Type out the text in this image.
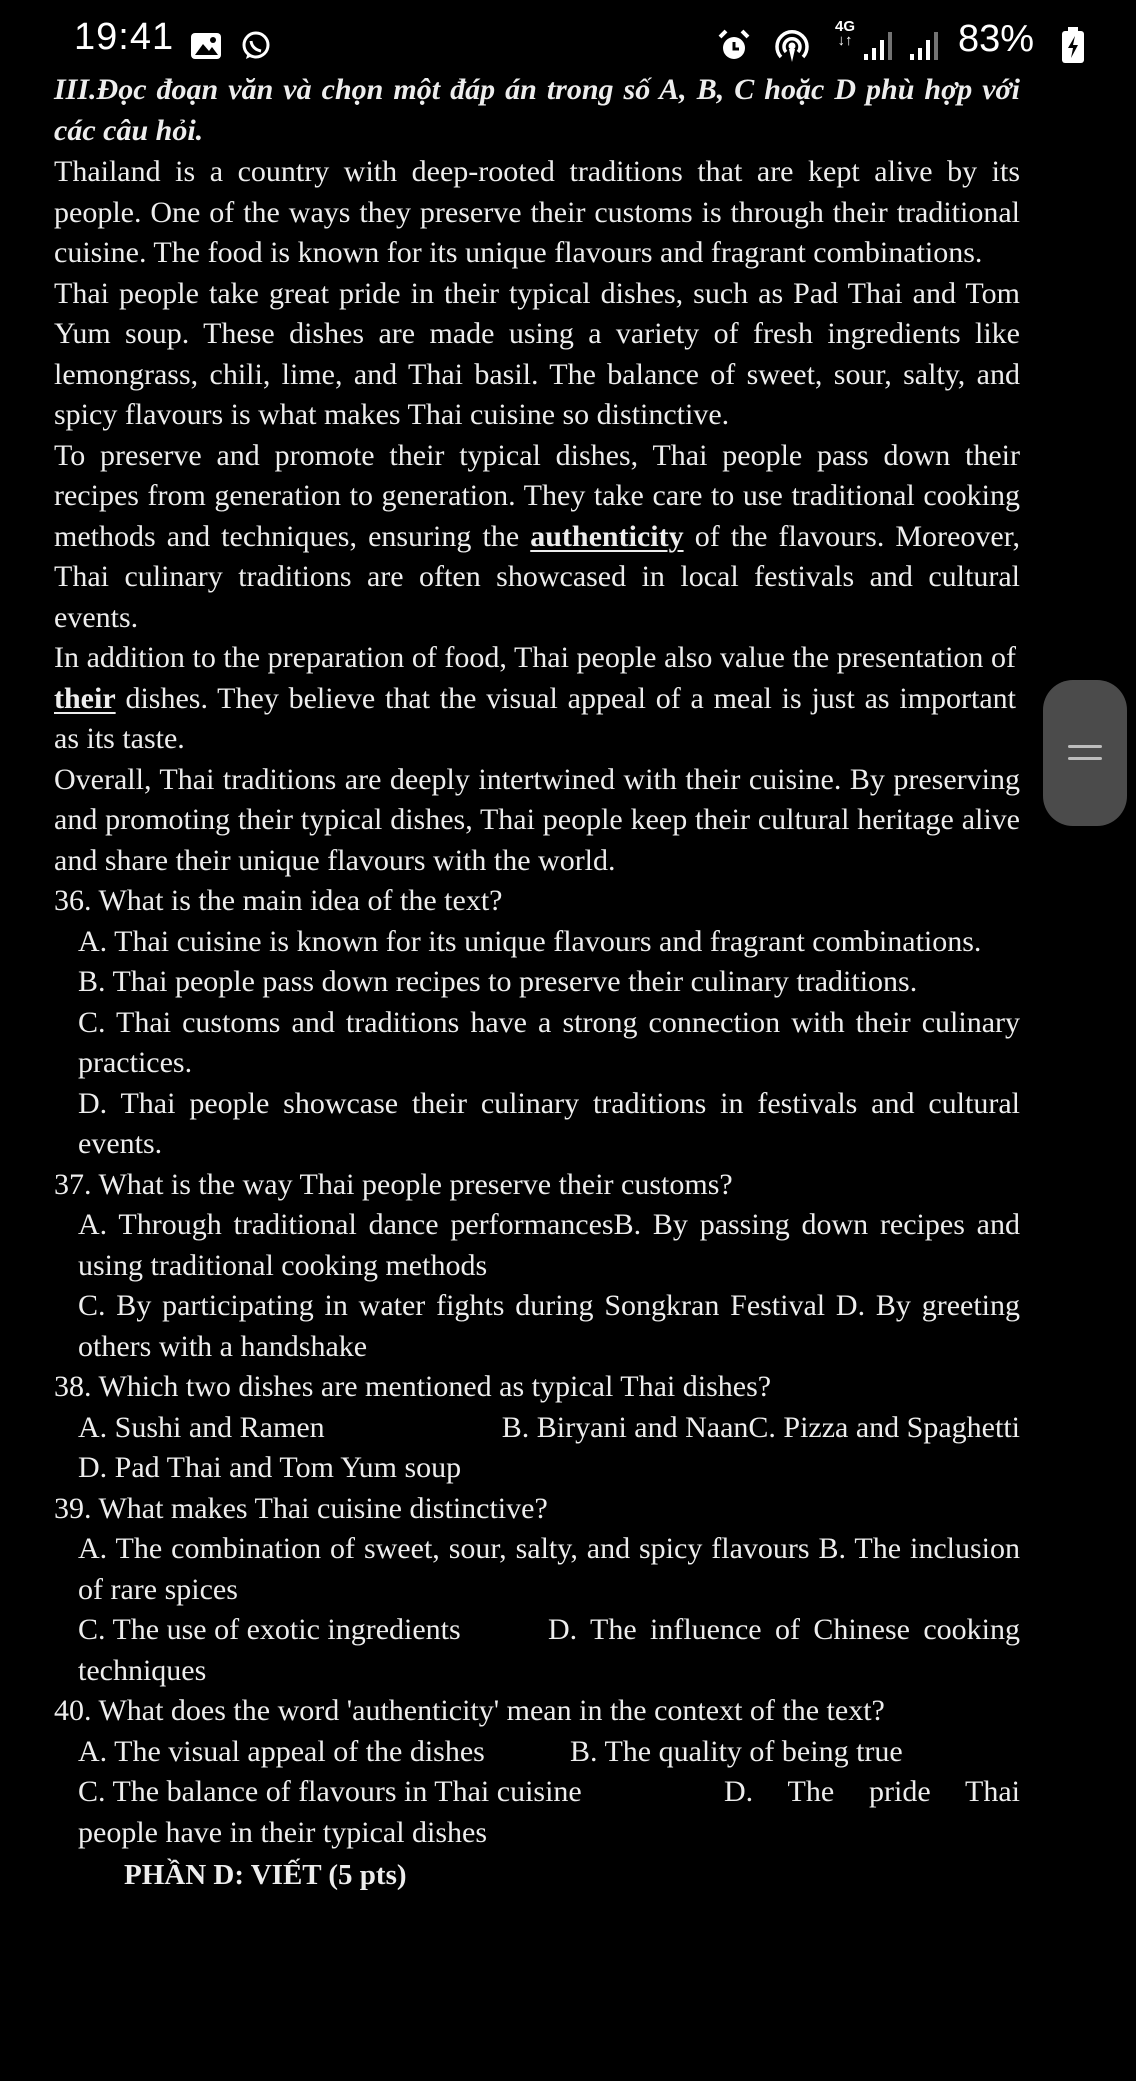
19:41	4G
↓↑	83%

III.Đọc đoạn văn và chọn một đáp án trong số A, B, C hoặc D phù hợp với các câu hỏi.

Thailand is a country with deep-rooted traditions that are kept alive by its people. One of the ways they preserve their customs is through their traditional cuisine. The food is known for its unique flavours and fragrant combinations.

Thai people take great pride in their typical dishes, such as Pad Thai and Tom Yum soup. These dishes are made using a variety of fresh ingredients like lemongrass, chili, lime, and Thai basil. The balance of sweet, sour, salty, and spicy flavours is what makes Thai cuisine so distinctive.

To preserve and promote their typical dishes, Thai people pass down their recipes from generation to generation. They take care to use traditional cooking methods and techniques, ensuring the authenticity of the flavours. Moreover, Thai culinary traditions are often showcased in local festivals and cultural events.

In addition to the preparation of food, Thai people also value the presentation of their dishes. They believe that the visual appeal of a meal is just as important as its taste.

Overall, Thai traditions are deeply intertwined with their cuisine. By preserving and promoting their typical dishes, Thai people keep their cultural heritage alive and share their unique flavours with the world.

36. What is the main idea of the text?

A. Thai cuisine is known for its unique flavours and fragrant combinations.

B. Thai people pass down recipes to preserve their culinary traditions.

C. Thai customs and traditions have a strong connection with their culinary practices.

D. Thai people showcase their culinary traditions in festivals and cultural events.

37. What is the way Thai people preserve their customs?

A. Through traditional dance performancesB. By passing down recipes and using traditional cooking methods

C. By participating in water fights during Songkran Festival D. By greeting others with a handshake

38. Which two dishes are mentioned as typical Thai dishes?

A. Sushi and Ramen	B. Biryani and NaanC. Pizza and Spaghetti

D. Pad Thai and Tom Yum soup

39. What makes Thai cuisine distinctive?

A. The combination of sweet, sour, salty, and spicy flavours B. The inclusion of rare spices

C. The use of exotic ingredients	D. The influence of Chinese cooking techniques

40. What does the word 'authenticity' mean in the context of the text?

A. The visual appeal of the dishes	B. The quality of being true
C. The balance of flavours in Thai cuisine	D. The pride Thai people have in their typical dishes

PHẦN D: VIẾT (5 pts)
